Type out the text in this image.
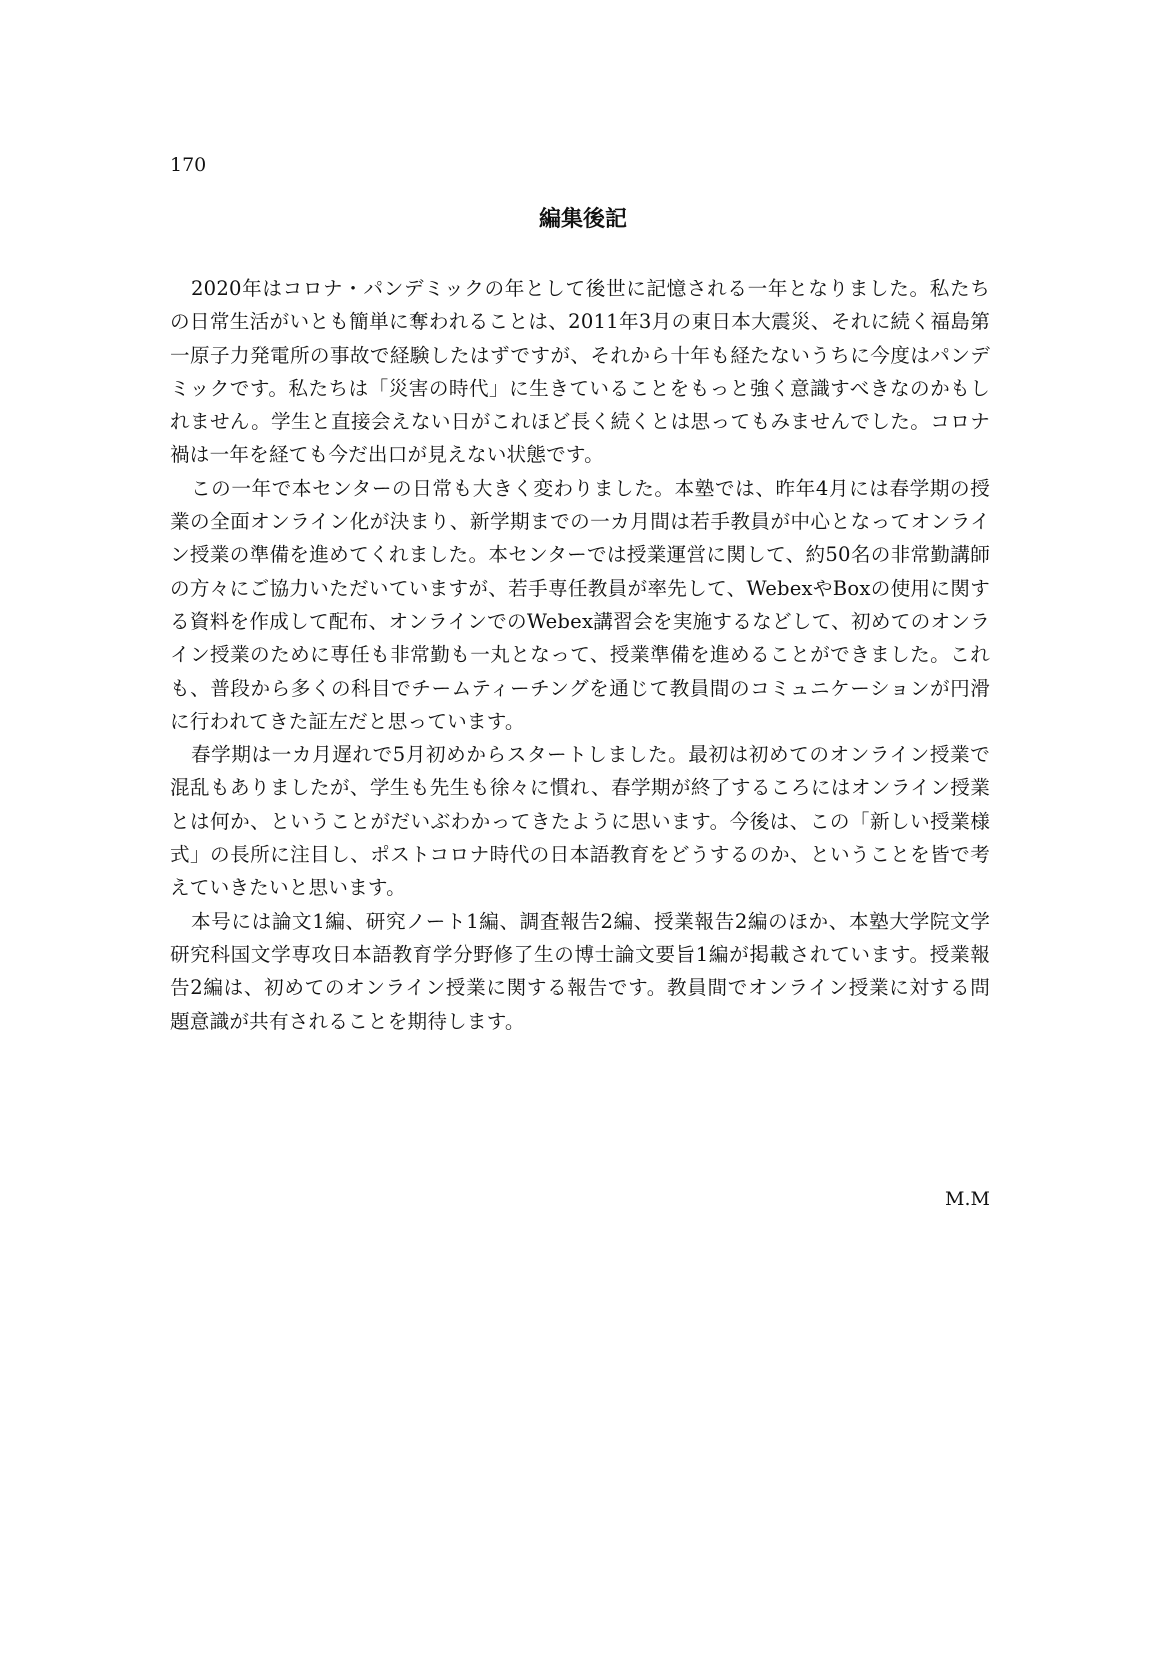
170
編集後記

2020年はコロナ・パンデミックの年として後世に記憶される一年となりました。私たちの日常生活がいとも簡単に奪われることは、2011年3月の東日本大震災、それに続く福島第一原子力発電所の事故で経験したはずですが、それから十年も経たないうちに今度はパンデミックです。私たちは「災害の時代」に生きていることをもっと強く意識すべきなのかもしれません。学生と直接会えない日がこれほど長く続くとは思ってもみませんでした。コロナ禍は一年を経ても今だ出口が見えない状態です。

この一年で本センターの日常も大きく変わりました。本塾では、昨年4月には春学期の授業の全面オンライン化が決まり、新学期までの一カ月間は若手教員が中心となってオンライン授業の準備を進めてくれました。本センターでは授業運営に関して、約50名の非常勤講師の方々にご協力いただいていますが、若手専任教員が率先して、WebexやBoxの使用に関する資料を作成して配布、オンラインでのWebex講習会を実施するなどして、初めてのオンライン授業のために専任も非常勤も一丸となって、授業準備を進めることができました。これも、普段から多くの科目でチームティーチングを通じて教員間のコミュニケーションが円滑に行われてきた証左だと思っています。

春学期は一カ月遅れで5月初めからスタートしました。最初は初めてのオンライン授業で混乱もありましたが、学生も先生も徐々に慣れ、春学期が終了するころにはオンライン授業とは何か、ということがだいぶわかってきたように思います。今後は、この「新しい授業様式」の長所に注目し、ポストコロナ時代の日本語教育をどうするのか、ということを皆で考えていきたいと思います。

本号には論文1編、研究ノート1編、調査報告2編、授業報告2編のほか、本塾大学院文学研究科国文学専攻日本語教育学分野修了生の博士論文要旨1編が掲載されています。授業報告2編は、初めてのオンライン授業に関する報告です。教員間でオンライン授業に対する問題意識が共有されることを期待します。

M.M
